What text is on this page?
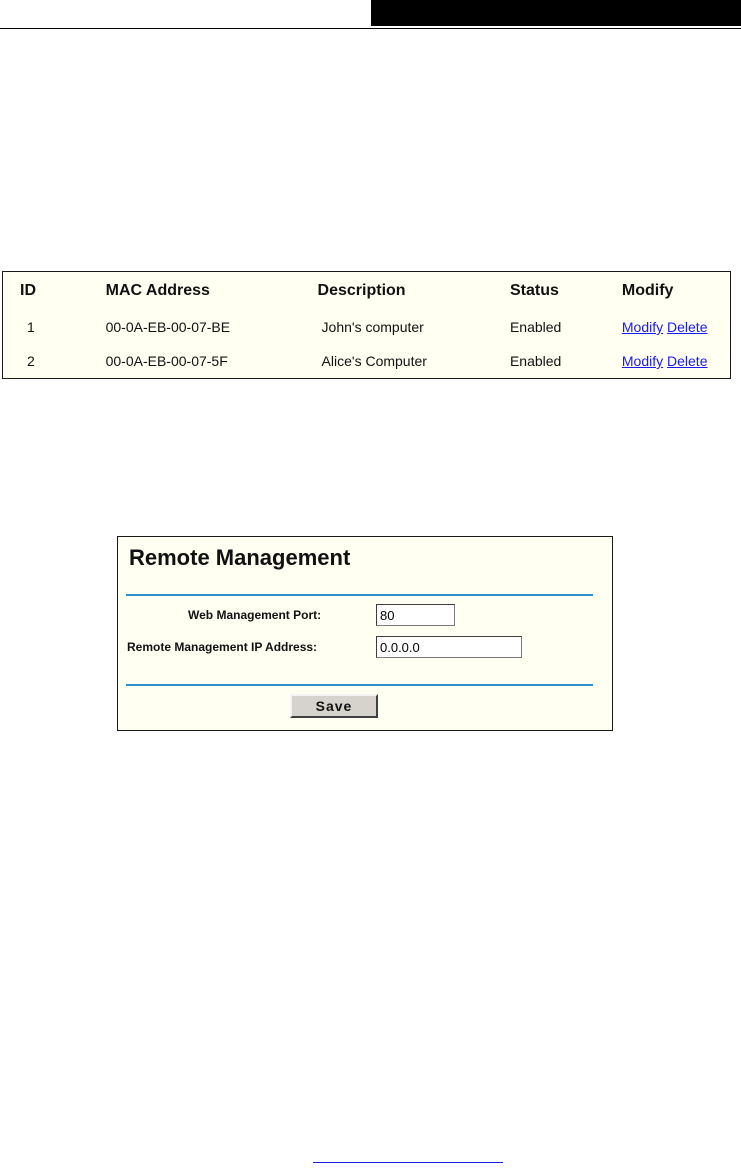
ID	MAC Address	Description	Status	Modify
1	00-0A-EB-00-07-BE	John's computer	Enabled	Modify Delete
2	00-0A-EB-00-07-5F	Alice's Computer	Enabled	Modify Delete
Remote Management
Web Management Port:
80
Remote Management IP Address:
0.0.0.0
Save
